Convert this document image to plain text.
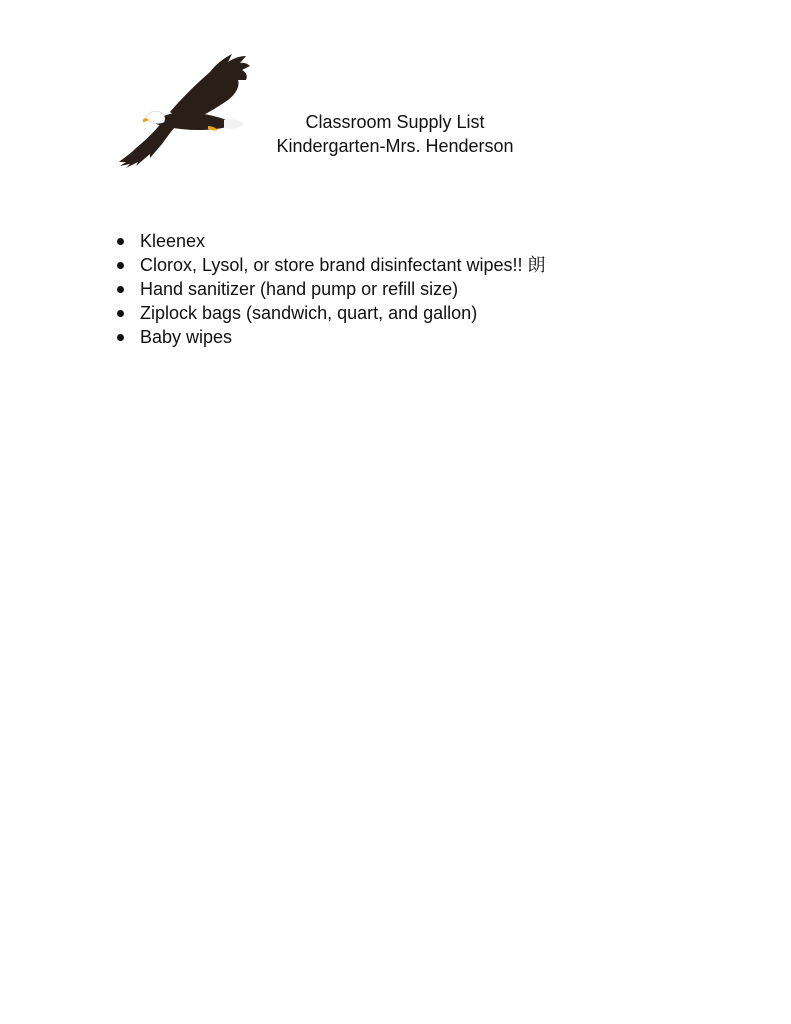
Classroom Supply List
Kindergarten-Mrs. Henderson
Kleenex
Clorox, Lysol, or store brand disinfectant wipes!! 朗
Hand sanitizer (hand pump or refill size)
Ziplock bags (sandwich, quart, and gallon)
Baby wipes
